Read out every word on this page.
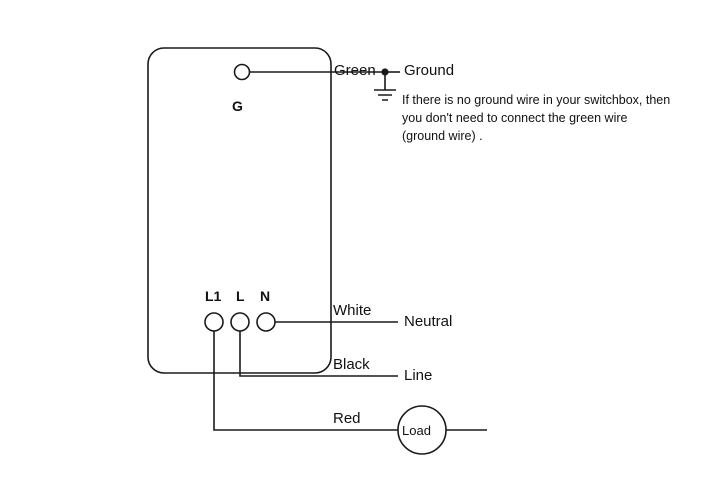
Green Ground
If there is no ground wire in your switchbox, then you don't need to connect the green wire (ground wire) .
G
L1 L N
White
Neutral
Black
Line
Red
Load
